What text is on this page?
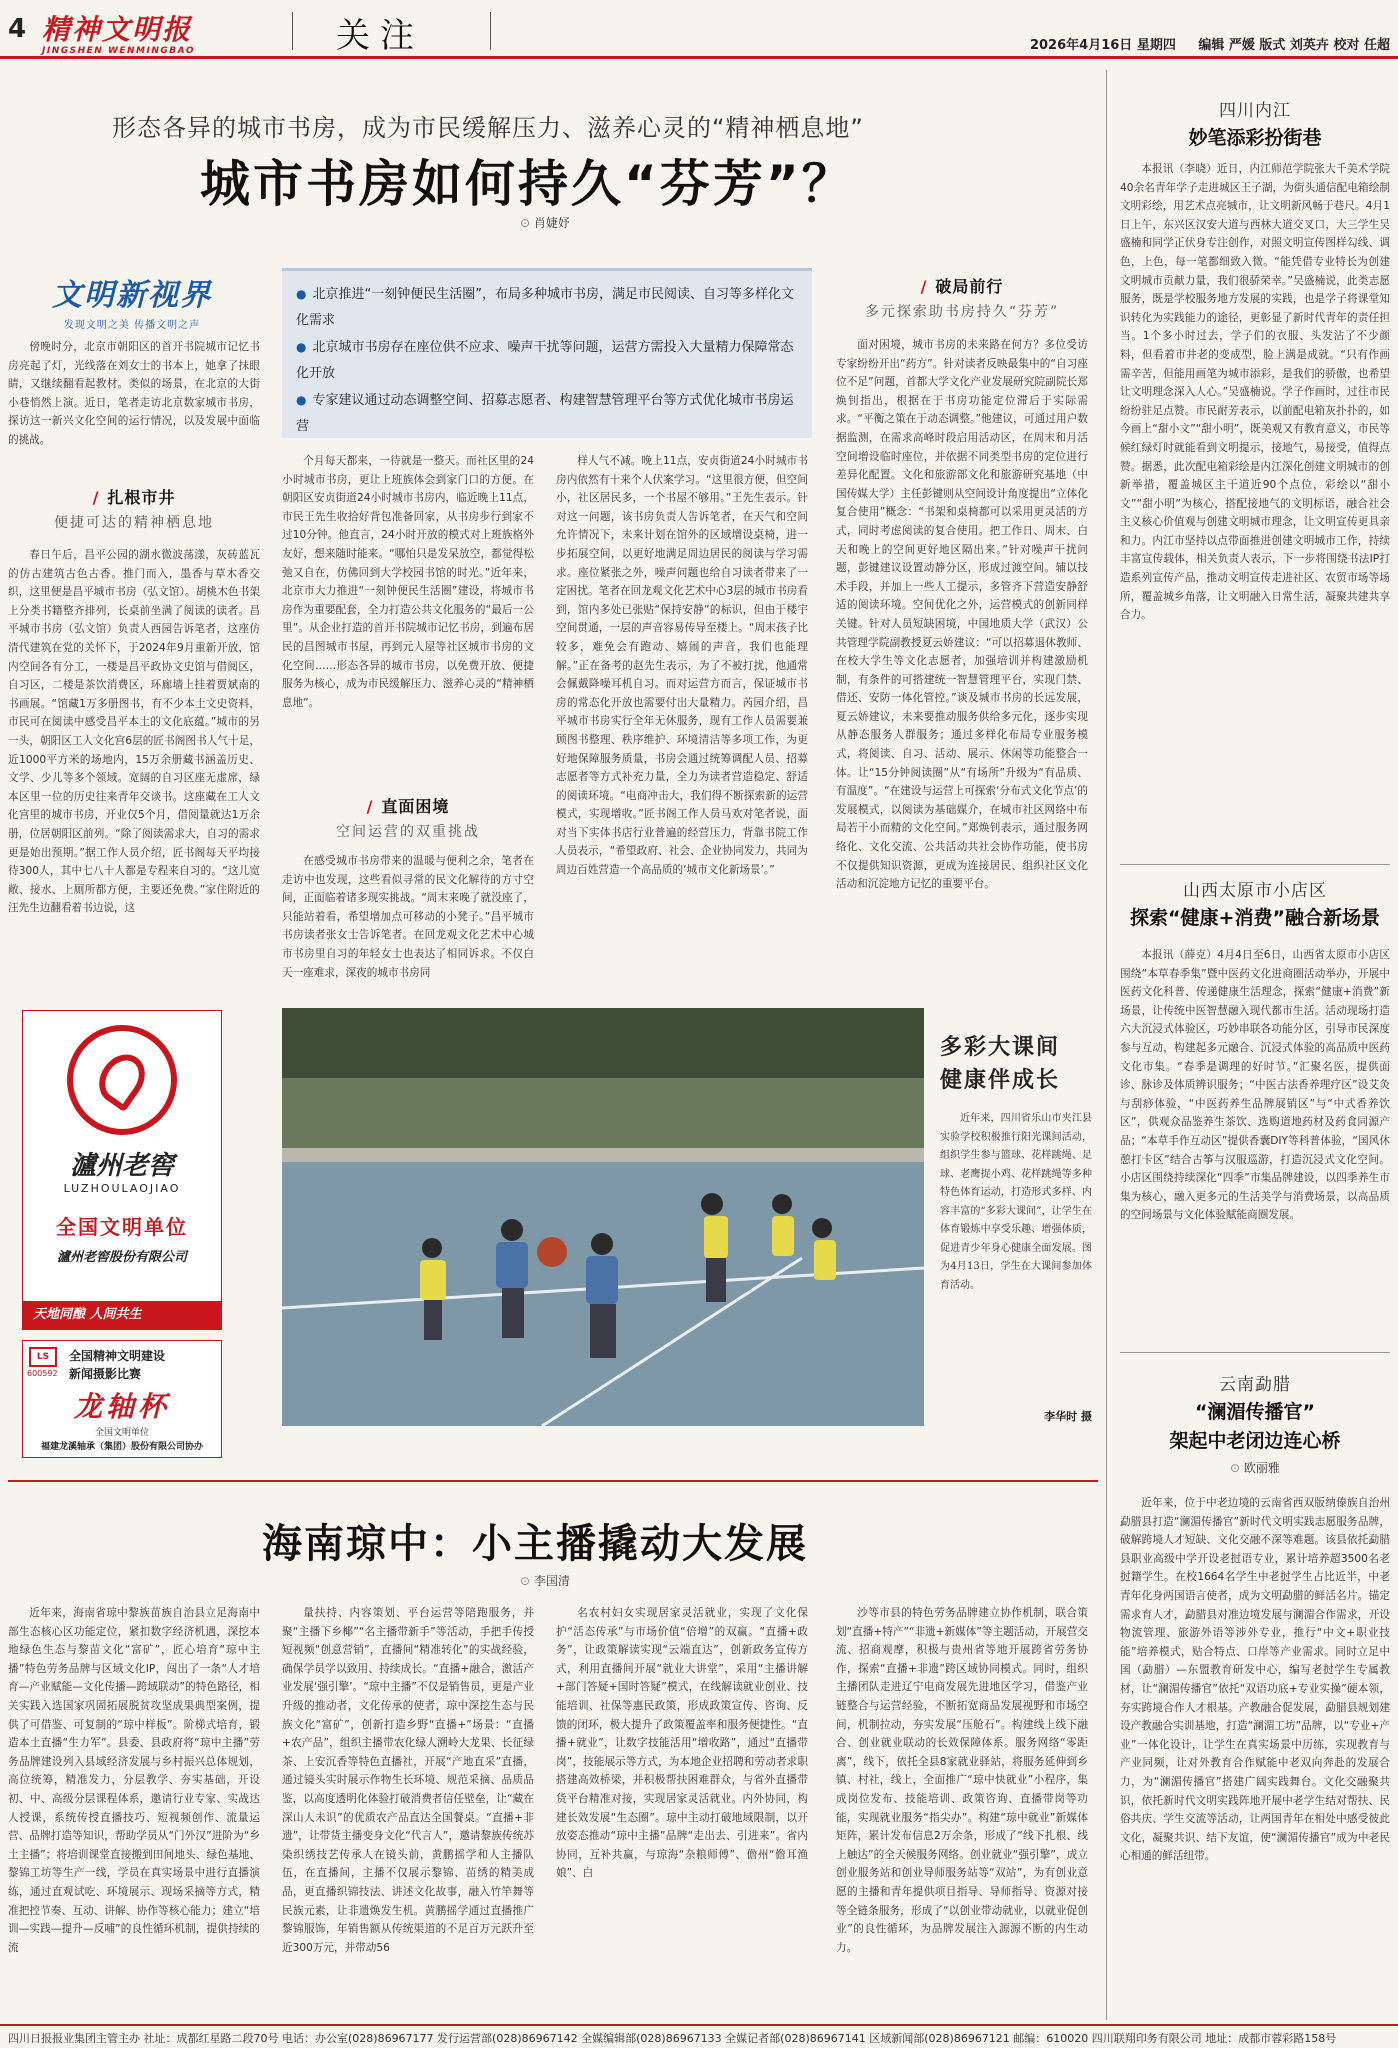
4 精神文明报
JINGSHEN WENMINGBAO	关注	2026年4月16日 星期四 编辑 严媛 版式 刘英卉 校对 任超
形态各异的城市书房，成为市民缓解压力、滋养心灵的“精神栖息地”
城市书房如何持久“芬芳”？
⊙ 肖婕妤
文明新视界
发现文明之美 传播文明之声
● 北京推进“一刻钟便民生活圈”，布局多种城市书房，满足市民阅读、自习等多样化文化需求
● 北京城市书房存在座位供不应求、噪声干扰等问题，运营方需投入大量精力保障常态化开放
● 专家建议通过动态调整空间、招募志愿者、构建智慧管理平台等方式优化城市书房运营

傍晚时分，北京市朝阳区的首开书院城市记忆书房亮起了灯，光线落在刘女士的书本上，她拿了抹眼睛，又继续翻看起教材。类似的场景，在北京的大街小巷悄然上演。近日，笔者走访北京数家城市书房，探访这一新兴文化空间的运行情况，以及发展中面临的挑战。

/ 扎根市井
便捷可达的精神栖息地

春日午后，昌平公园的湖水微波荡漾，灰砖蓝瓦的仿古建筑古色古香。推门而入，墨香与草木香交织，这里便是昌平城市书房（弘文馆）。胡桃木色书架上分类书籍整齐排列，长桌前坐满了阅读的读者。昌平城市书房（弘文馆）负责人西园告诉笔者，这座仿清代建筑在党的关怀下，于2024年9月重新开放，馆内空间各有分工，一楼是昌平政协文史馆与借阅区，自习区，二楼是茶饮消费区，环廊墙上挂着贾斌南的书画展。“馆藏1万多册图书，有不少本土文史资料，市民可在阅读中感受昌平本土的文化底蕴。”城市的另一头，朝阳区工人文化宫6层的匠书阁图书人气十足，近1000平方米的场地内，15万余册藏书涵盖历史、文学、少儿等多个领域。宽阔的自习区座无虚席，绿本区里一位的历史往来青年交谈书。这座藏在工人文化宫里的城市书房，开业仅5个月，借阅量就达1万余册，位居朝阳区前列。“除了阅读需求大，自习的需求更是始出预期。”据工作人员介绍，匠书阁每天平均接待300人，其中七八十人都是专程来自习的。“这儿宽敞、接水、上厕所都方便，主要还免费。”家住附近的汪先生边翻看着书边说，这

个月每天都来，一待就是一整天。而社区里的24小时城市书房，更让上班族体会到家门口的方便。在朝阳区安贞街道24小时城市书房内，临近晚上11点，市民王先生收拾好背包准备回家，从书房步行到家不过10分钟。他直言，24小时开放的模式对上班族格外友好，想来随时能来。“哪怕只是发呆放空，都觉得松弛又自在，仿佛回到大学校园书馆的时光。”近年来，北京市大力推进“一刻钟便民生活圈”建设，将城市书房作为重要配套，全力打造公共文化服务的“最后一公里”。从企业打造的首开书院城市记忆书房，到遍布居民的昌图城市书屋，再到元人屋等社区城市书房的文化空间……形态各异的城市书房，以免费开放、便捷服务为核心，成为市民缓解压力、滋养心灵的“精神栖息地”。

/ 直面困境
空间运营的双重挑战

在感受城市书房带来的温暖与便利之余，笔者在走访中也发现，这些看似寻常的民文化解待的方寸空间，正面临着诸多现实挑战。“周末来晚了就没座了，只能站着看，希望增加点可移动的小凳子。”昌平城市书房读者张女士告诉笔者。在回龙观文化艺术中心城市书房里自习的年轻女士也表达了相同诉求。不仅白天一座难求，深夜的城市书房同

样人气不减。晚上11点，安贞街道24小时城市书房内依然有十来个人伏案学习。“这里很方便，但空间小，社区居民多，一个书屋不够用。”王先生表示。针对这一问题，该书房负责人告诉笔者，在天气和空间允许情况下，未来计划在馆外的区域增设桌椅，进一步拓展空间，以更好地满足周边居民的阅读与学习需求。座位紧张之外，噪声问题也给自习读者带来了一定困扰。笔者在回龙观文化艺术中心3层的城市书房看到，馆内多处已张贴“保持安静”的标识，但由于楼宇空间贯通，一层的声音容易传导至楼上。“周末孩子比较多，难免会有跑动、嬉闹的声音，我们也能理解。”正在备考的赵先生表示，为了不被打扰，他通常会佩戴降噪耳机自习。而对运营方而言，保证城市书房的常态化开放也需要付出大量精力。芮园介绍，昌平城市书房实行全年无休服务，现有工作人员需要兼顾图书整理、秩序维护、环境清洁等多项工作，为更好地保障服务质量，书房会通过统筹调配人员、招募志愿者等方式补充力量，全力为读者营造稳定、舒适的阅读环境。“电商冲击大，我们得不断探索新的运营模式，实现增收。”匠书阁工作人员马欢对笔者说，面对当下实体书店行业普遍的经营压力，背靠书院工作人员表示，“希望政府、社会、企业协同发力，共同为周边百姓营造一个高品质的‘城市文化新场景’。”

/ 破局前行
多元探索助书房持久“芬芳”

面对困境，城市书房的未来路在何方？多位受访专家纷纷开出“药方”。针对读者反映最集中的“自习座位不足”问题，首都大学文化产业发展研究院副院长郑焕钊指出，根据在于书房功能定位滞后于实际需求。“平衡之策在于动态调整。”他建议，可通过用户数据监测，在需求高峰时段启用活动区，在周末和月活空间增设临时座位，并依据不同类型书房的定位进行差异化配置。文化和旅游部文化和旅游研究基地（中国传媒大学）主任彭键则从空间设计角度提出“立体化复合使用”概念：“书架和桌椅都可以采用更灵活的方式，同时考虑阅读的复合使用。把工作日、周末、白天和晚上的空间更好地区隔出来。”针对噪声干扰问题，彭键建议设置动静分区，形成过渡空间。辅以技术手段，并加上一些人工提示，多管齐下营造安静舒适的阅读环境。空间优化之外，运营模式的创新同样关键。针对人员短缺困境，中国地质大学（武汉）公共管理学院副教授夏云娇建议：“可以招募退休教师、在校大学生等文化志愿者，加强培训并构建激励机制，有条件的可搭建统一智慧管理平台，实现门禁、借还、安防一体化管控。”谈及城市书房的长远发展，夏云娇建议，未来要推动服务供给多元化，逐步实现从静态服务人群服务；通过多样化布局专业服务模式，将阅读、自习、活动、展示、休闲等功能整合一体。让“15分钟阅读圈”从“有场所”升级为“有品质、有温度”。“在建设与运营上可探索‘分布式文化节点’的发展模式，以阅读为基础媒介，在城市社区网络中布局若干小而精的文化空间。”郑焕钊表示，通过服务网络化、文化交流、公共活动共社会协作功能，使书房不仅提供知识资源，更成为连接居民、组织社区文化活动和沉淀地方记忆的重要平台。

四川内江
妙笔添彩扮街巷

本报讯（李晓）近日，内江师范学院张大千美术学院40余名青年学子走进城区王子湖，为街头通信配电箱绘制文明彩绘，用艺术点亮城市，让文明新风畅于巷尺。4月1日上午，东兴区汉安大道与西林大道交叉口，大三学生吴盛楠和同学正伏身专注创作，对照文明宣传图样勾线、调色，上色，每一笔都细致入微。“能凭借专业特长为创建文明城市贡献力量，我们很骄荣幸。”吴盛楠说，此类志愿服务，既是学校服务地方发展的实践，也是学子将课堂知识转化为实践能力的途径，更彰显了新时代青年的责任担当。1个多小时过去，学子们的衣服、头发沾了不少颜料，但看着市井老的变成型，脸上满是成就。“只有作画需辛苦，但能用画笔为城市添彩，是我们的骄傲，也希望让文明理念深入人心。”吴盛楠说。学子作画时，过往市民纷纷驻足点赞。市民耐芳表示，以前配电箱灰扑扑的，如今画上“甜小文”“甜小明”，既美观又有教育意义，市民等候红绿灯时就能看到文明提示，接地气，易接受，值得点赞。据悉，此次配电箱彩绘是内江深化创建文明城市的创新举措，覆盖城区主干道近90个点位，彩绘以“甜小文”“甜小明”为核心，搭配接地气的文明标语，融合社会主义核心价值观与创建文明城市理念，让文明宣传更具亲和力。内江市坚持以点带面推进创建文明城市工作，持续丰富宣传载体，相关负责人表示，下一步将围绕书法IP打造系列宣传产品，推动文明宣传走进社区、农贸市场等场所，覆盖城乡角落，让文明融入日常生活，凝聚共建共享合力。

山西太原市小店区
探索“健康+消费”融合新场景

本报讯（薛克）4月4日至6日，山西省太原市小店区围绕“本草春季集”暨中医药文化进商圈活动举办，开展中医药文化科普、传递健康生活理念，探索“健康+消费”新场景，让传统中医智慧融入现代都市生活。活动现场打造六大沉浸式体验区，巧妙串联各功能分区，引导市民深度参与互动，构建起多元融合、沉浸式体验的高品质中医药文化市集。“春季是调理的好时节。”汇聚名医，提供面诊、脉诊及体质辨识服务；“中医古法香养理疗区”设艾灸与刮痧体验，“中医药养生品牌展销区”与“中式香养饮区”，供观众品鉴养生茶饮、选购道地药材及药食同源产品；“本草手作互动区”提供香囊DIY等科普体验，“国风休憩打卡区”结合古筝与汉服巡游，打造沉浸式文化空间。小店区围绕持续深化“四季”市集品牌建设，以四季养生市集为核心，融入更多元的生活美学与消费场景，以高品质的空间场景与文化体验赋能商圈发展。

云南勐腊
“澜湄传播官”
架起中老闭边连心桥
⊙ 欧丽雅

近年来，位于中老边境的云南省西双版纳傣族自治州勐腊县打造“澜湄传播官”新时代文明实践志愿服务品牌，破解跨境人才短缺、文化交融不深等难题。该县依托勐腊县职业高级中学开设老挝语专业，累计培养超3500名老挝籍学生。在校1664名学生中老挝学生占比近半，中老青年化身两国语言使者，成为文明勐腊的鲜活名片。锚定需求育人才，勐腊县对准边境发展与澜湄合作需求，开设物流管理、旅游外语等涉外专业，推行“中文+职业技能”培养模式，贴合特点、口岸等产业需求。同时立足中国（勐腊）—东盟教育研发中心，编写老挝学生专属教材，让“澜湄传播官”依托“双语功底+专业实操”硬本领，夯实跨境合作人才根基。产教融合促发展，勐腊县规划建设产教融合实训基地，打造“澜湄工坊”品牌，以“专业+产业”一体化设计，让学生在真实场景中历练，实现教育与产业同频，让对外教育合作赋能中老双向奔赴的发展合力，为“澜湄传播官”搭建广阔实践舞台。文化交融聚共识，依托新时代文明实践阵地开展中老学生结对帮扶、民俗共庆、学生交流等活动，让两国青年在相处中感受彼此文化，凝聚共识、结下友谊，使“澜湄传播官”成为中老民心相通的鲜活纽带。

瀘州老窖
LUZHOULAOJIAO
全国文明单位
瀘州老窖股份有限公司
天地同酿 人间共生
LS
600592
全国精神文明建设
新闻摄影比赛
龙轴杯
全国文明单位
福建龙溪轴承（集团）股份有限公司协办
多彩大课间
健康伴成长

近年来，四川省乐山市夹江县实验学校积极推行阳光课间活动，组织学生参与篮球、花样跳绳、足球、老鹰捉小鸡、花样跳绳等多种特色体育运动，打造形式多样、内容丰富的“多彩大课间”，让学生在体育锻炼中享受乐趣、增强体质，促进青少年身心健康全面发展。图为4月13日，学生在大课间参加体育活动。

李华时 摄
海南琼中：小主播撬动大发展
⊙ 李国清

近年来，海南省琼中黎族苗族自治县立足海南中部生态核心区功能定位，紧扣数字经济机遇，深挖本地绿色生态与黎苗文化“富矿”，匠心培育“琼中主播”特色劳务品牌与区域文化IP，闯出了一条“人才培育—产业赋能—文化传播—跨域联动”的特色路径，相关实践入选国家巩固拓展脱贫攻坚成果典型案例，提供了可借鉴、可复制的“琼中样板”。阶梯式培育，锻造本土直播“生力军”。县委、县政府将“琼中主播”劳务品牌建设列入县域经济发展与乡村振兴总体规划，高位统筹，精准发力，分层教学、夯实基础，开设初、中、高级分层课程体系，邀请行业专家、实战达人授课，系统传授直播技巧、短视频创作、流量运营、品牌打造等知识，帮助学员从“门外汉”进阶为“乡土主播”；将培训课堂直接搬到田间地头、绿色基地、黎锦工坊等生产一线，学员在真实场景中进行直播演练，通过直观试吃、环境展示、现场采摘等方式，精准把控节奏、互动、讲解、协作等核心能力；建立“培训—实践—提升—反哺”的良性循环机制，提供持续的流

量扶持、内容策划、平台运营等陪跑服务，并聚“主播下乡椰”“名主播带新手”等活动，手把手传授短视频“创意营销”，直播间“精准转化”的实战经验，确保学员学以致用、持续成长。“直播+融合，激活产业发展‘强引擎’。“琼中主播”不仅是销售员，更是产业升级的推动者，文化传承的使者，琼中深挖生态与民族文化“富矿”，创新打造乡野“直播+”场景：“直播+农产品”，组织主播带农化绿人溯岭大龙果、长征绿茶、上安沉香等特色直播社，开展“产地直采”直播，通过镜头实时展示作物生长环境、规范采摘、品质品鉴，以高度透明化体验打破消费者信任壁垒，让“藏在深山人未识”的优质农产品直达全国餐桌。“直播+非遗”，让带货主播变身文化“代言人”，邀请黎族传统苏染织绣技艺传承人在镜头前，黄鹏摇学和人主播队伍，在直播间，主播不仅展示黎锦、苗绣的精美成品，更直播织锦技法、讲述文化故事，融入竹竿舞等民族元素，让非遗焕发生机。黄鹏摇学通过直播推广黎锦服饰，年销售额从传统渠道的不足百万元跃升至近300万元，并带动56

名农村妇女实现居家灵活就业，实现了文化保护“活态传承”与市场价值“倍增”的双赢。“直播+政务”，让政策解读实现“云端直达”，创新政务宣传方式，利用直播间开展“就业大讲堂”，采用“主播讲解+部门答疑+国时答疑”模式，在线解读就业创业、技能培训、社保等惠民政策，形成政策宣传、咨询、反馈的闭环，极大提升了政策覆盖率和服务便捷性。“直播+就业”，让数字技能活用“增收路”，通过“直播带岗”，技能展示等方式，为本地企业招聘和劳动者求职搭建高效桥梁，并积极帮扶困难群众，与省外直播带货平台精准对接，实现居家灵活就业。内外协同，构建长效发展“生态圈”。琼中主动打破地域限制，以开放姿态推动“琼中主播”品牌“走出去、引进来”。省内协同，互补共赢，与琼海“杂粮师傅”、儋州“儋耳渔娘”、白

沙等市县的特色劳务品牌建立协作机制，联合策划“直播+特产”“非遗+新媒体”等主题活动，开展营交流、招商观摩，积极与贵州省等地开展跨省劳务协作，探索“直播+非遗”跨区域协同模式。同时，组织主播团队走进辽宁电商发展先进地区学习，借鉴产业链整合与运营经验，不断拓宽商品发展视野和市场空间，机制拉动，夯实发展“压舱石”。构建线上线下融合、创业就业联动的长效保障体系。服务网络“零距离”，线下，依托全县8家就业驿站，将服务延伸到乡镇、村社，线上，全面推广“琼中快就业”小程序，集成岗位发布、技能培训、政策咨询、直播带岗等功能，实现就业服务“指尖办”。构建“琼中就业”新媒体矩阵，累计发布信息2万余条，形成了“线下扎根、线上触达”的全天候服务网络。创业就业“强引擎”，成立创业服务站和创业导师服务站等“双站”，为有创业意愿的主播和青年提供项目指导、导师指导、资源对接等全链条服务，形成了“以创业带动就业，以就业促创业”的良性循环，为品牌发展注入源源不断的内生动力。

四川日报报业集团主管主办 社址：成都红星路二段70号 电话：办公室(028)86967177 发行运营部(028)86967142 全媒编辑部(028)86967133 全媒记者部(028)86967141 区域新闻部(028)86967121 邮编：610020 四川联翔印务有限公司 地址：成都市蓉彩路158号
